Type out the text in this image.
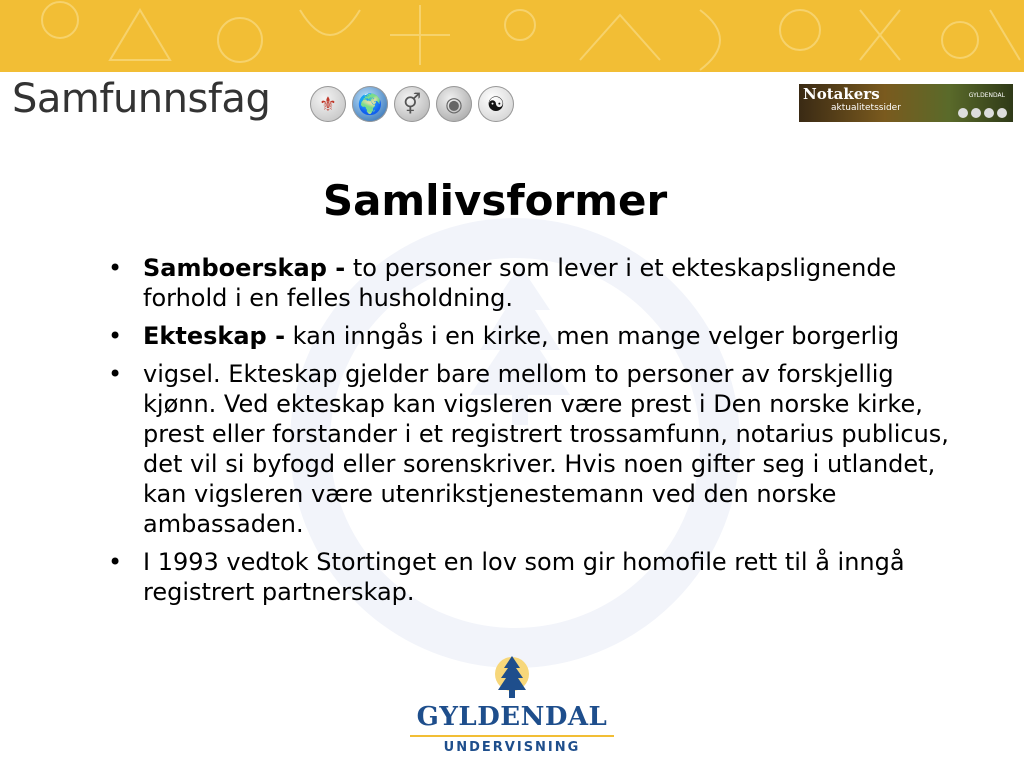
Samfunnsfag	⚜	🌍	⚥	◉	☯	Notakers
aktualitetssider
GYLDENDAL
Samlivsformer
• Samboerskap - to personer som lever i et ekteskapslignende forhold i en felles husholdning.
• Ekteskap - kan inngås i en kirke, men mange velger borgerlig
• vigsel. Ekteskap gjelder bare mellom to personer av forskjellig kjønn. Ved ekteskap kan vigsleren være prest i Den norske kirke, prest eller forstander i et registrert trossamfunn, notarius publicus, det vil si byfogd eller sorenskriver. Hvis noen gifter seg i utlandet, kan vigsleren være utenrikstjenestemann ved den norske ambassaden.
• I 1993 vedtok Stortinget en lov som gir homofile rett til å inngå registrert partnerskap.
GYLDENDAL
UNDERVISNING
